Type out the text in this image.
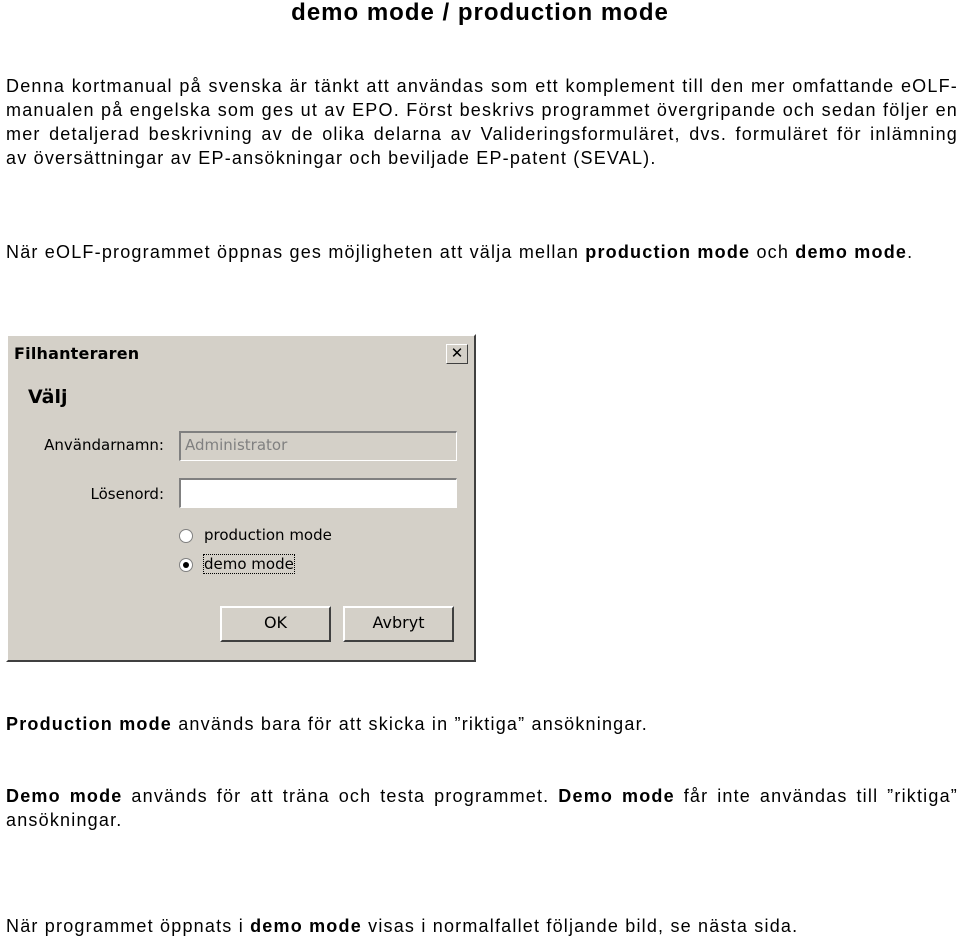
demo mode / production mode
Denna kortmanual på svenska är tänkt att användas som ett komplement till den mer omfattande eOLF-manualen på engelska som ges ut av EPO. Först beskrivs programmet övergripande och sedan följer en mer detaljerad beskrivning av de olika delarna av Valideringsformuläret, dvs. formuläret för inlämning av översättningar av EP-ansökningar och beviljade EP-patent (SEVAL).
När eOLF-programmet öppnas ges möjligheten att välja mellan production mode och demo mode.
Filhanteraren	✕
Välj
Användarnamn:	Administrator
Lösenord:
production mode
demo mode
OK	Avbryt
Production mode används bara för att skicka in ”riktiga” ansökningar.
Demo mode används för att träna och testa programmet. Demo mode får inte användas till ”riktiga” ansökningar.
När programmet öppnats i demo mode visas i normalfallet följande bild, se nästa sida.
